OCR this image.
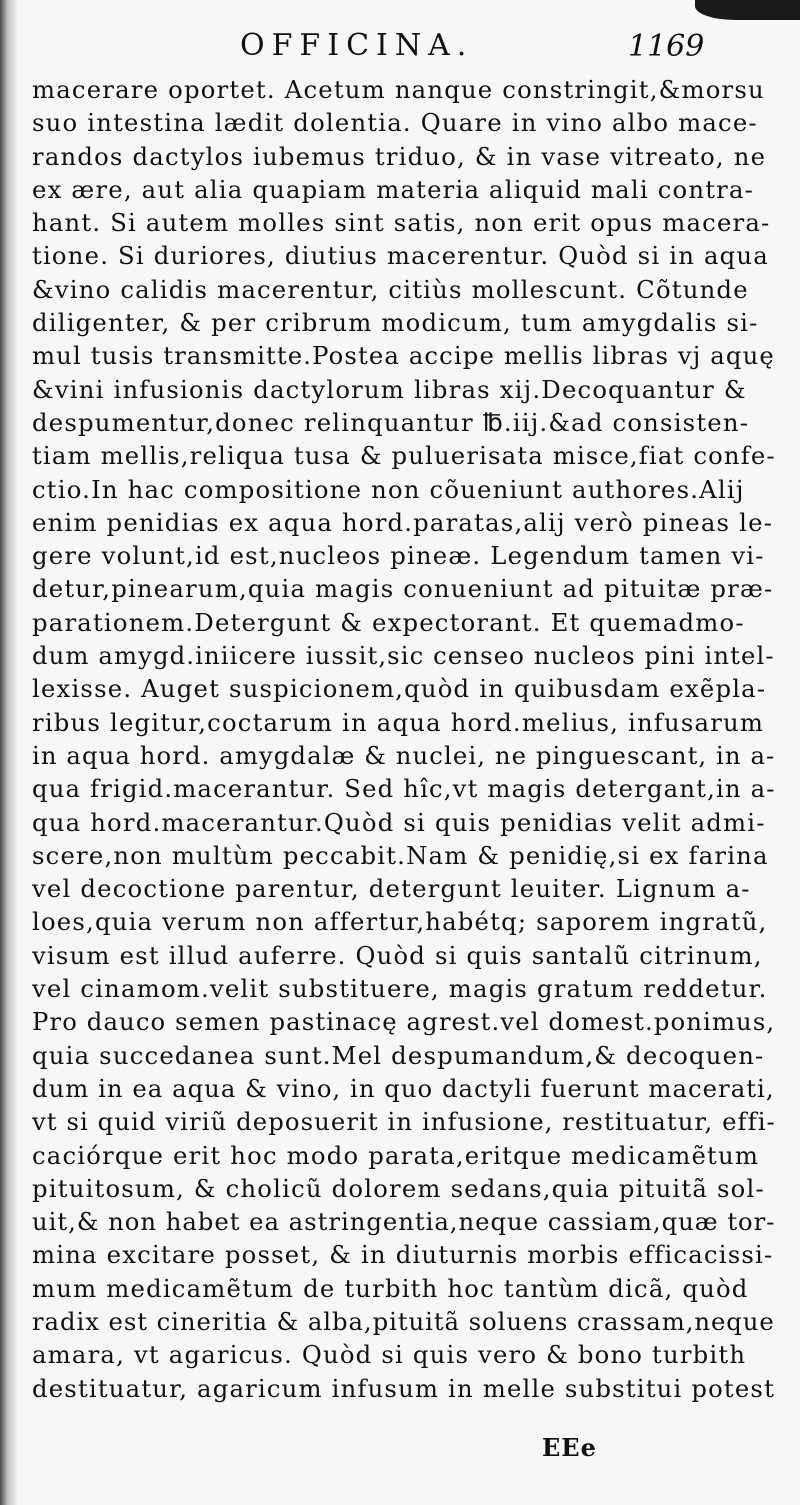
OFFICINA.	1169
macerare oportet. Acetum nanque constringit,&morsu
suo intestina lædit dolentia. Quare in vino albo mace-
randos dactylos iubemus triduo, & in vase vitreato, ne
ex ære, aut alia quapiam materia aliquid mali contra-
hant. Si autem molles sint satis, non erit opus macera-
tione. Si duriores, diutius macerentur. Quòd si in aqua
&vino calidis macerentur, citiùs mollescunt. Cõtunde
diligenter, & per cribrum modicum, tum amygdalis si-
mul tusis transmitte.Postea accipe mellis libras vj aquę
&vini infusionis dactylorum libras xij.Decoquantur &
despumentur,donec relinquantur ℔.iij.&ad consisten-
tiam mellis,reliqua tusa & puluerisata misce,fiat confe-
ctio.In hac compositione non cõueniunt authores.Alij
enim penidias ex aqua hord.paratas,alij verò pineas le-
gere volunt,id est,nucleos pineæ. Legendum tamen vi-
detur,pinearum,quia magis conueniunt ad pituitæ præ-
parationem.Detergunt & expectorant. Et quemadmo-
dum amygd.iniicere iussit,sic censeo nucleos pini intel-
lexisse. Auget suspicionem,quòd in quibusdam exẽpla-
ribus legitur,coctarum in aqua hord.melius, infusarum
in aqua hord. amygdalæ & nuclei, ne pinguescant, in a-
qua frigid.macerantur. Sed hîc,vt magis detergant,in a-
qua hord.macerantur.Quòd si quis penidias velit admi-
scere,non multùm peccabit.Nam & penidię,si ex farina
vel decoctione parentur, detergunt leuiter. Lignum a-
loes,quia verum non affertur,habétq; saporem ingratũ,
visum est illud auferre. Quòd si quis santalũ citrinum,
vel cinamom.velit substituere, magis gratum reddetur.
Pro dauco semen pastinacę agrest.vel domest.ponimus,
quia succedanea sunt.Mel despumandum,& decoquen-
dum in ea aqua & vino, in quo dactyli fuerunt macerati,
vt si quid viriũ deposuerit in infusione, restituatur, effi-
caciórque erit hoc modo parata,eritque medicamẽtum
pituitosum, & cholicũ dolorem sedans,quia pituitã sol-
uit,& non habet ea astringentia,neque cassiam,quæ tor-
mina excitare posset, & in diuturnis morbis efficacissi-
mum medicamẽtum de turbith hoc tantùm dicã, quòd
radix est cineritia & alba,pituitã soluens crassam,neque
amara, vt agaricus. Quòd si quis vero & bono turbith
destituatur, agaricum infusum in melle substitui potest
EEe
